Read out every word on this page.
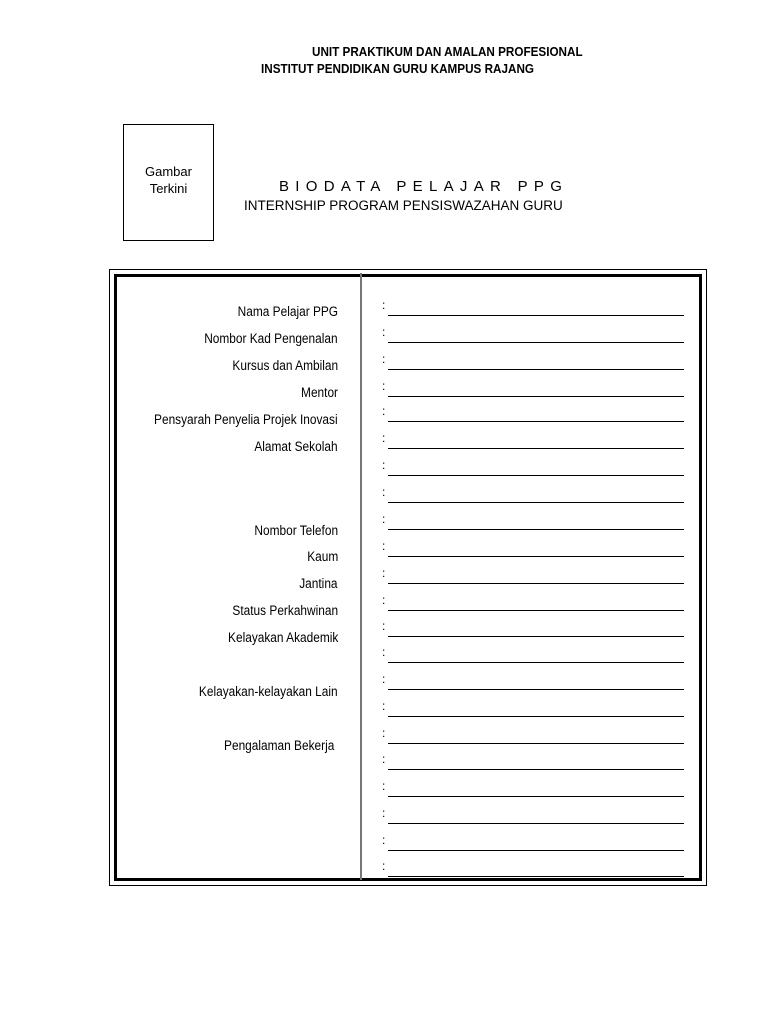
UNIT PRAKTIKUM DAN AMALAN PROFESIONAL
INSTITUT PENDIDIKAN GURU KAMPUS RAJANG
Gambar
Terkini	BIODATA PELAJAR PPG
INTERNSHIP PROGRAM PENSISWAZAHAN GURU
Nama Pelajar PPG
Nombor Kad Pengenalan
Kursus dan Ambilan
Mentor
Pensyarah Penyelia Projek Inovasi
Alamat Sekolah
Nombor Telefon
Kaum
Jantina
Status Perkahwinan
Kelayakan Akademik
Kelayakan-kelayakan Lain
Pengalaman Bekerja
:
:
:
:
:
:
:
:
:
:
:
:
:
:
:
:
:
:
:
:
:
:
